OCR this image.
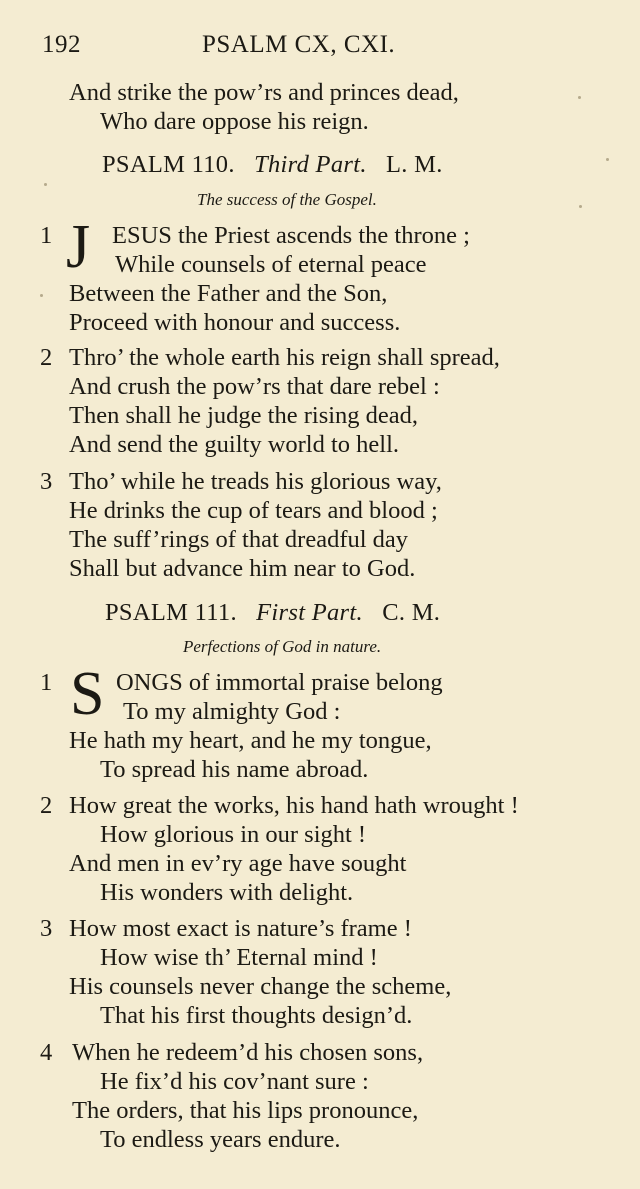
192	PSALM CX, CXI.
And strike the pow’rs and princes dead,
Who dare oppose his reign.
PSALM 110. Third Part. L. M.
The success of the Gospel.
1 J ESUS the Priest ascends the throne ;
While counsels of eternal peace
Between the Father and the Son,
Proceed with honour and success.
2 Thro’ the whole earth his reign shall spread,
And crush the pow’rs that dare rebel :
Then shall he judge the rising dead,
And send the guilty world to hell.
3 Tho’ while he treads his glorious way,
He drinks the cup of tears and blood ;
The suff’rings of that dreadful day
Shall but advance him near to God.
PSALM 111. First Part. C. M.
Perfections of God in nature.
1 S ONGS of immortal praise belong
To my almighty God :
He hath my heart, and he my tongue,
To spread his name abroad.
2 How great the works, his hand hath wrought !
How glorious in our sight !
And men in ev’ry age have sought
His wonders with delight.
3 How most exact is nature’s frame !
How wise th’ Eternal mind !
His counsels never change the scheme,
That his first thoughts design’d.
4 When he redeem’d his chosen sons,
He fix’d his cov’nant sure :
The orders, that his lips pronounce,
To endless years endure.
